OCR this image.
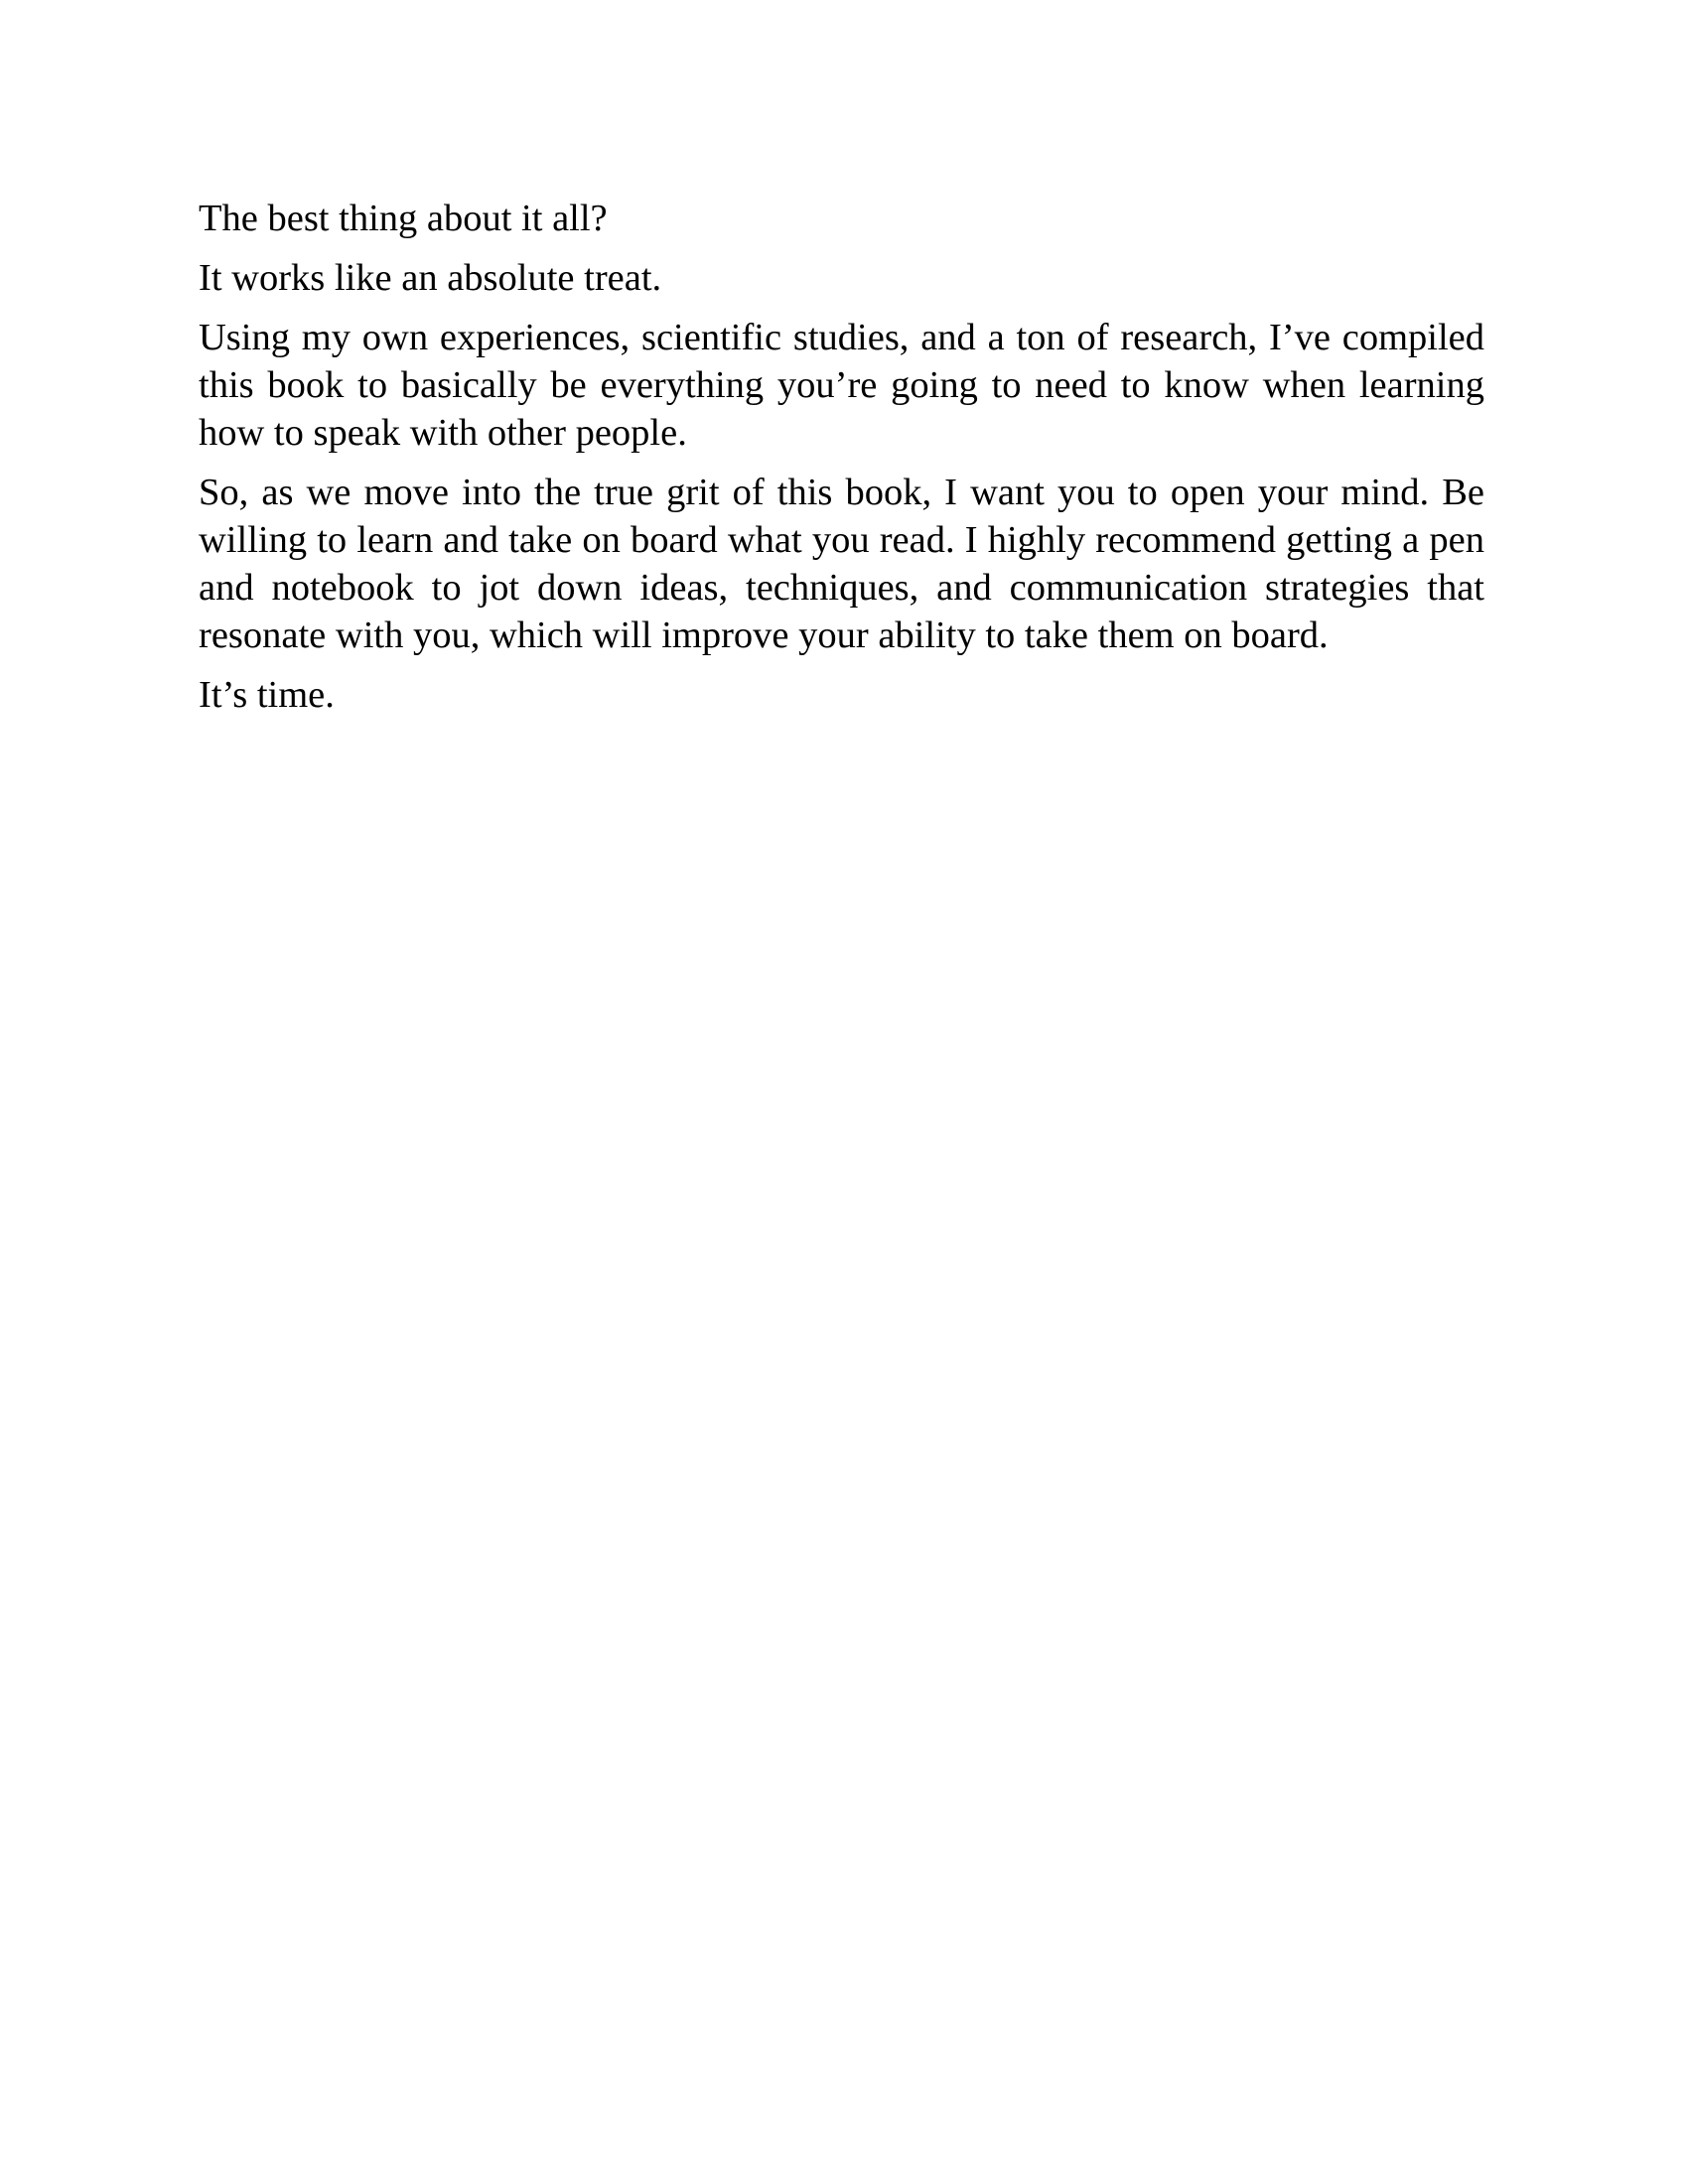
The best thing about it all?

It works like an absolute treat.

Using my own experiences, scientific studies, and a ton of research, I’ve compiled this book to basically be everything you’re going to need to know when learning how to speak with other people.

So, as we move into the true grit of this book, I want you to open your mind. Be willing to learn and take on board what you read. I highly recommend getting a pen and notebook to jot down ideas, techniques, and communication strategies that resonate with you, which will improve your ability to take them on board.

It’s time.
